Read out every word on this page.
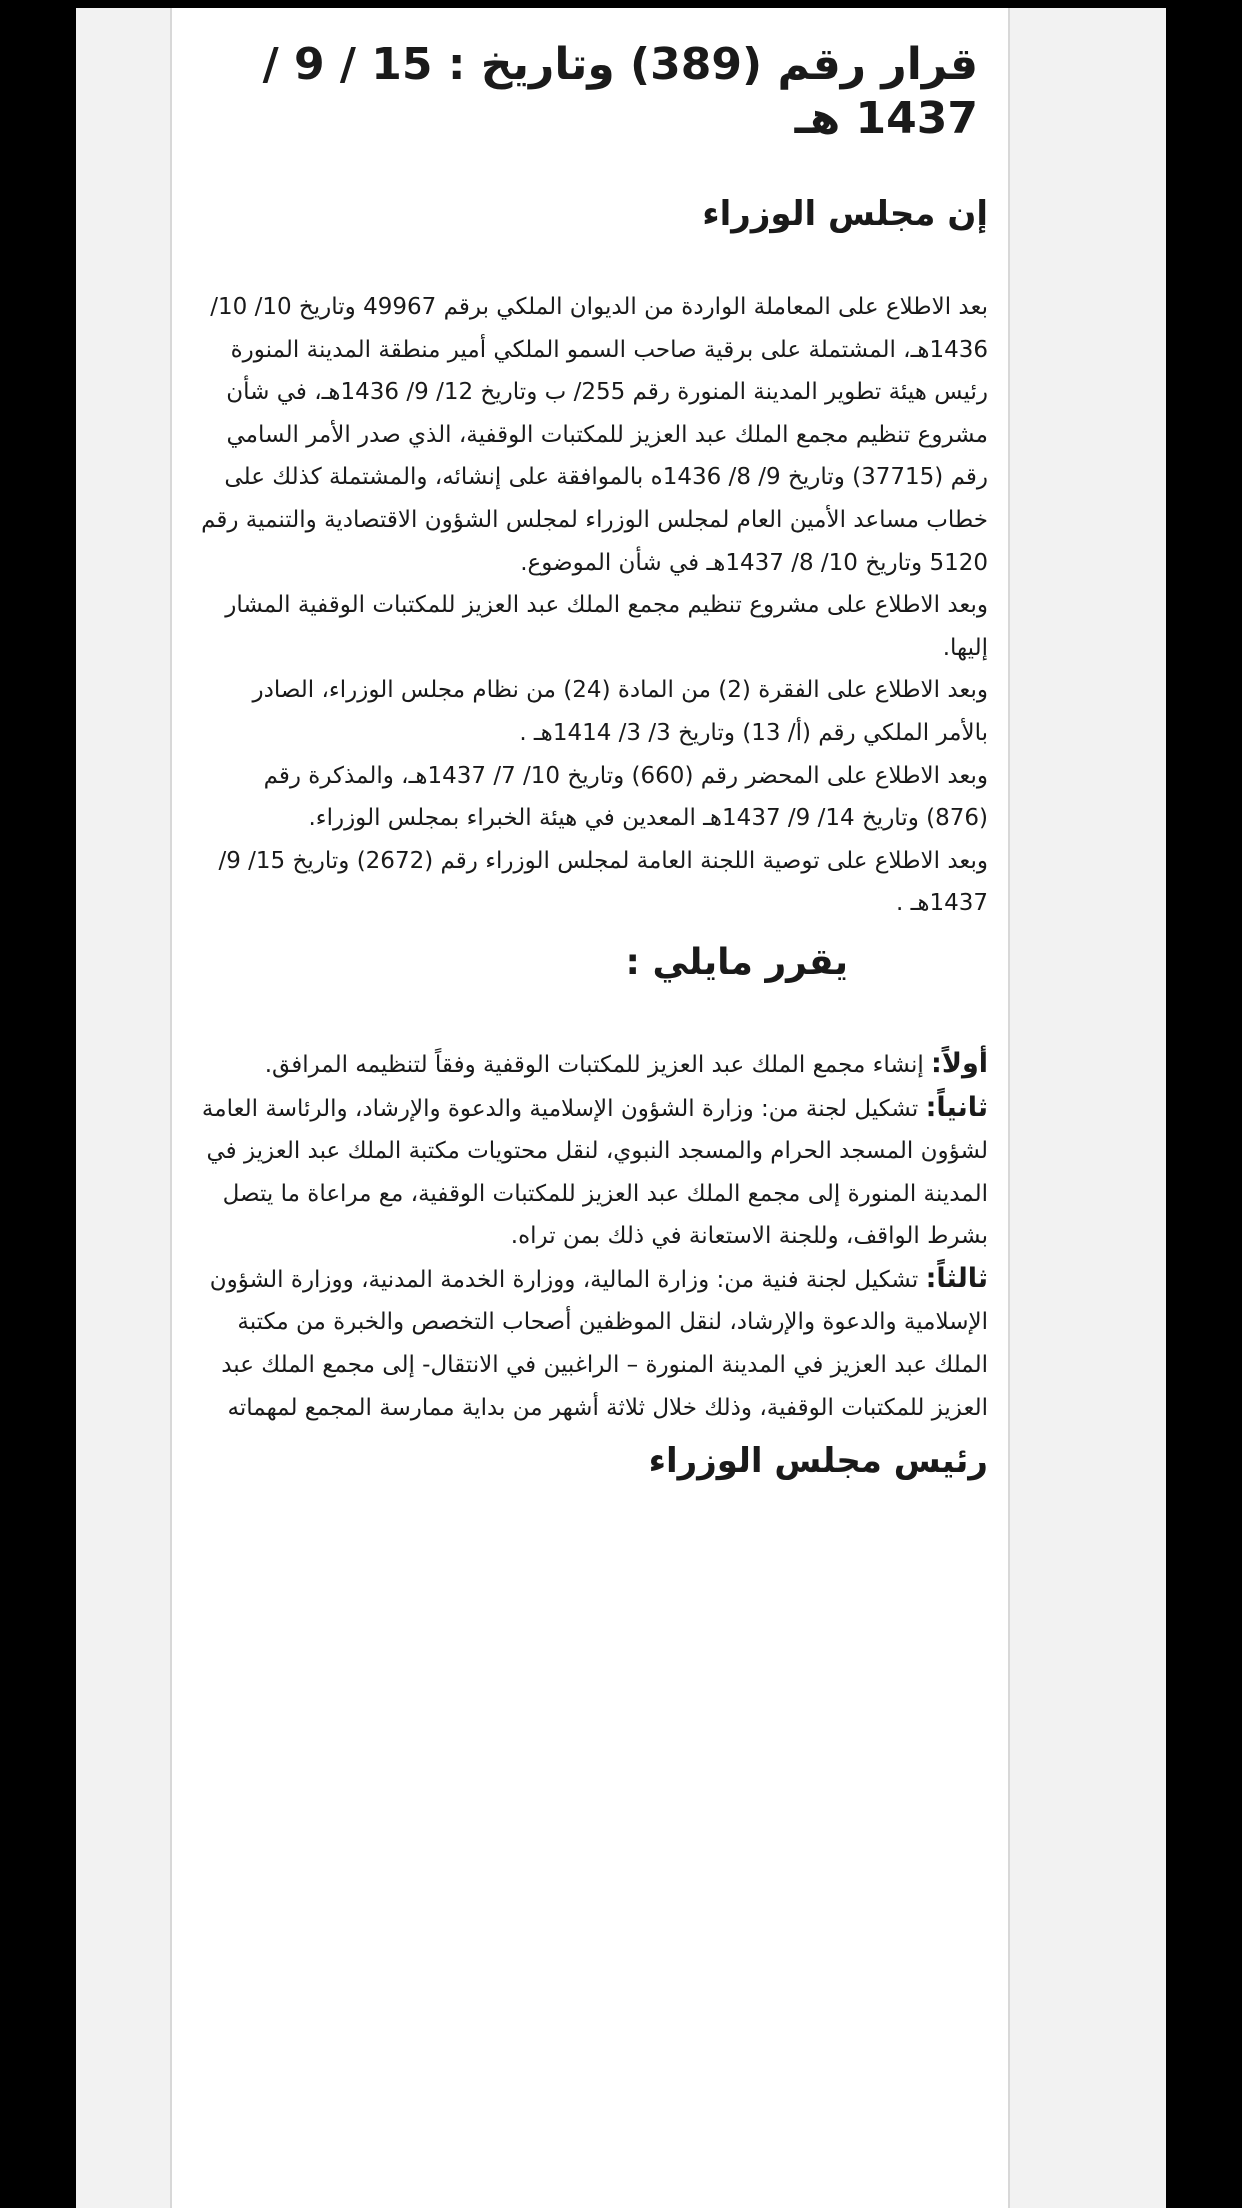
قرار رقم (389) وتاريخ : 15 / 9 / 1437 هـ
إن مجلس الوزراء

بعد الاطلاع على المعاملة الواردة من الديوان الملكي برقم 49967 وتاريخ 10/ 10/ 1436هـ، المشتملة على برقية صاحب السمو الملكي أمير منطقة المدينة المنورة رئيس هيئة تطوير المدينة المنورة رقم 255/ ب وتاريخ 12/ 9/ 1436هـ، في شأن مشروع تنظيم مجمع الملك عبد العزيز للمكتبات الوقفية، الذي صدر الأمر السامي رقم (37715) وتاريخ 9/ 8/ 1436ه بالموافقة على إنشائه، والمشتملة كذلك على خطاب مساعد الأمين العام لمجلس الوزراء لمجلس الشؤون الاقتصادية والتنمية رقم 5120 وتاريخ 10/ 8/ 1437هـ في شأن الموضوع.

وبعد الاطلاع على مشروع تنظيم مجمع الملك عبد العزيز للمكتبات الوقفية المشار إليها.

وبعد الاطلاع على الفقرة (2) من المادة (24) من نظام مجلس الوزراء، الصادر بالأمر الملكي رقم (أ/ 13) وتاريخ 3/ 3/ 1414هـ .

وبعد الاطلاع على المحضر رقم (660) وتاريخ 10/ 7/ 1437هـ، والمذكرة رقم (876) وتاريخ 14/ 9/ 1437هـ المعدين في هيئة الخبراء بمجلس الوزراء.

وبعد الاطلاع على توصية اللجنة العامة لمجلس الوزراء رقم (2672) وتاريخ 15/ 9/ 1437هـ .

يقرر مايلي :

أولاً: إنشاء مجمع الملك عبد العزيز للمكتبات الوقفية وفقاً لتنظيمه المرافق.

ثانياً: تشكيل لجنة من: وزارة الشؤون الإسلامية والدعوة والإرشاد، والرئاسة العامة لشؤون المسجد الحرام والمسجد النبوي، لنقل محتويات مكتبة الملك عبد العزيز في المدينة المنورة إلى مجمع الملك عبد العزيز للمكتبات الوقفية، مع مراعاة ما يتصل بشرط الواقف، وللجنة الاستعانة في ذلك بمن تراه.

ثالثاً: تشكيل لجنة فنية من: وزارة المالية، ووزارة الخدمة المدنية، ووزارة الشؤون الإسلامية والدعوة والإرشاد، لنقل الموظفين أصحاب التخصص والخبرة من مكتبة الملك عبد العزيز في المدينة المنورة – الراغبين في الانتقال- إلى مجمع الملك عبد العزيز للمكتبات الوقفية، وذلك خلال ثلاثة أشهر من بداية ممارسة المجمع لمهماته

رئيس مجلس الوزراء
